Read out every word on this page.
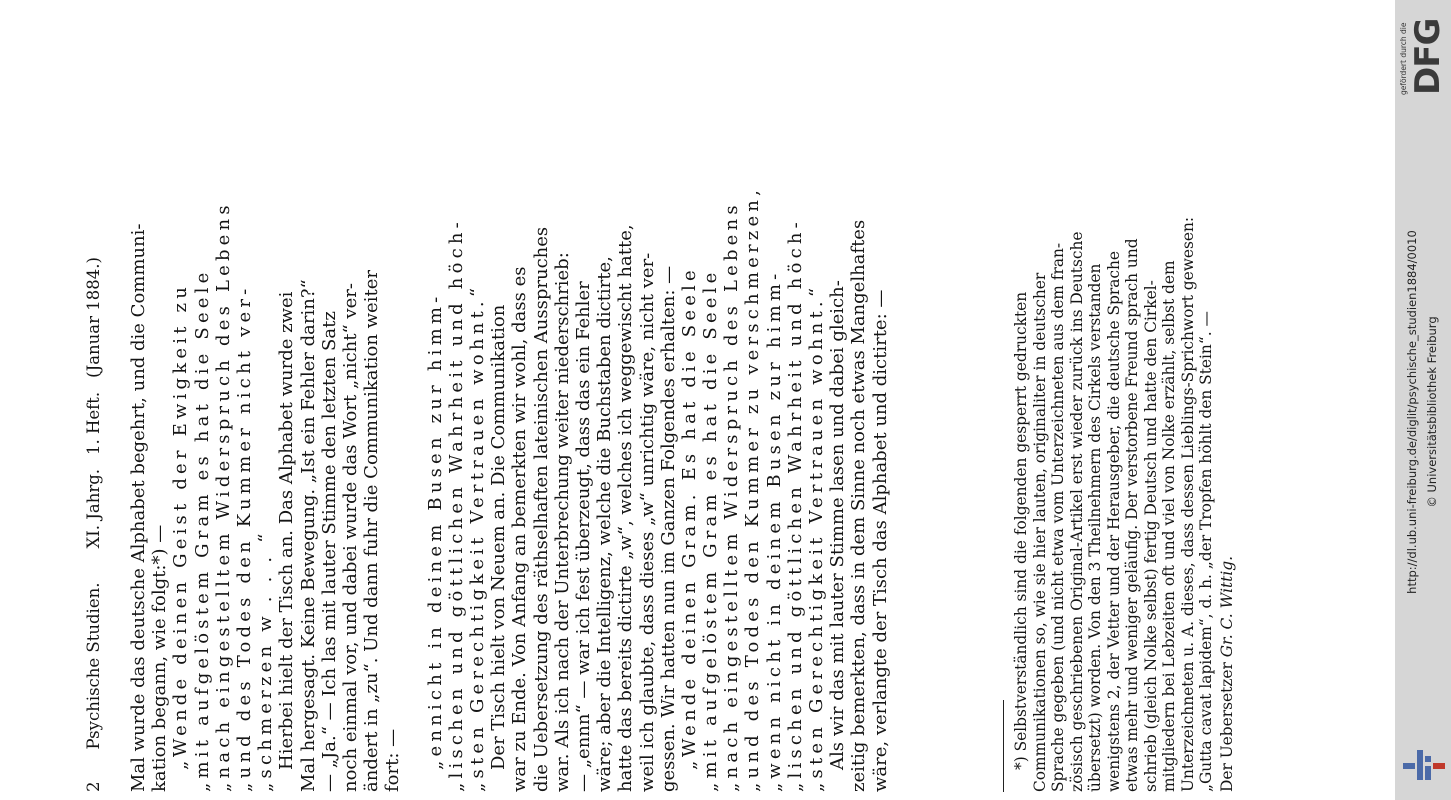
2
Psychische Studien.
XI. Jahrg.
1. Heft.
(Januar 1884.) Mal wurde das deutsche Alphabet begehrt, und die Communi- kation begann, wie folgt:*) — „Wende deinen Geist der Ewigkeit zu „mit aufgelöstem Gram es hat die Seele „nach eingestelltem Widerspruch des Lebens „und des Todes den Kummer nicht ver- „schmerzen w . . . “ Hierbei hielt der Tisch an. Das Alphabet wurde zwei Mal hergesagt. Keine Bewegung. „Ist ein Fehler darin?“ — „Ja.“ — Ich las mit lauter Stimme den letzten Satz noch einmal vor, und dabei wurde das Wort „nicht“ ver- ändert in „zu“. Und dann fuhr die Communikation weiter fort: — „ennicht in deinem Busen zur himm- „lischen und göttlichen Wahrheit und höch- „sten Gerechtigkeit Vertrauen wohnt.“ Der Tisch hielt von Neuem an. Die Communikation war zu Ende. Von Anfang an bemerkten wir wohl, dass es die Uebersetzung des räthselhaften lateinischen Ausspruches war. Als ich nach der Unterbrechung weiter niederschrieb: — „ennn“ — war ich fest überzeugt, dass das ein Fehler wäre; aber die Intelligenz, welche die Buchstaben dictirte, hatte das bereits dictirte „w“, welches ich weggewischt hatte, weil ich glaubte, dass dieses „w“ unrichtig wäre, nicht ver- gessen. Wir hatten nun im Ganzen Folgendes erhalten: — „Wende deinen Gram. Es hat die Seele „mit aufgelöstem Gram es hat die Seele „nach eingestelltem Widerspruch des Lebens „und des Todes den Kummer zu verschmerzen, „wenn nicht in deinem Busen zur himm- „lischen und göttlichen Wahrheit und höch- „sten Gerechtigkeit Vertrauen wohnt.“ Als wir das mit lauter Stimme lasen und dabei gleich- zeitig bemerkten, dass in dem Sinne noch etwas Mangelhaftes wäre, verlangte der Tisch das Alphabet und dictirte: —	*) Selbstverständlich sind die folgenden gesperrt gedruckten Communikationen so, wie sie hier lauten, originaliter in deutscher Sprache gegeben (und nicht etwa vom Unterzeichneten aus dem fran- zösisch geschriebenen Original-Artikel erst wieder zurück ins Deutsche übersetzt) worden. Von den 3 Theilnehmern des Cirkels verstanden wenigstens 2, der Vetter und der Herausgeber, die deutsche Sprache etwas mehr und weniger geläufig. Der verstorbene Freund sprach und schrieb (gleich Nolke selbst) fertig Deutsch und hatte den Cirkel- mitgliedern bei Lebzeiten oft und viel von Nolke erzählt, selbst dem Unterzeichneten u. A. dieses, dass dessen Lieblings-Sprichwort gewesen: „Gutta cavat lapidem“, d. h. „der Tropfen höhlt den Stein“. — Der Uebersetzer Gr. C. Wittig.
http://dl.ub.uni-freiburg.de/diglit/psychische_studien1884/0010 © Universitätsbibliothek Freiburg
gefördert durch die DFG
